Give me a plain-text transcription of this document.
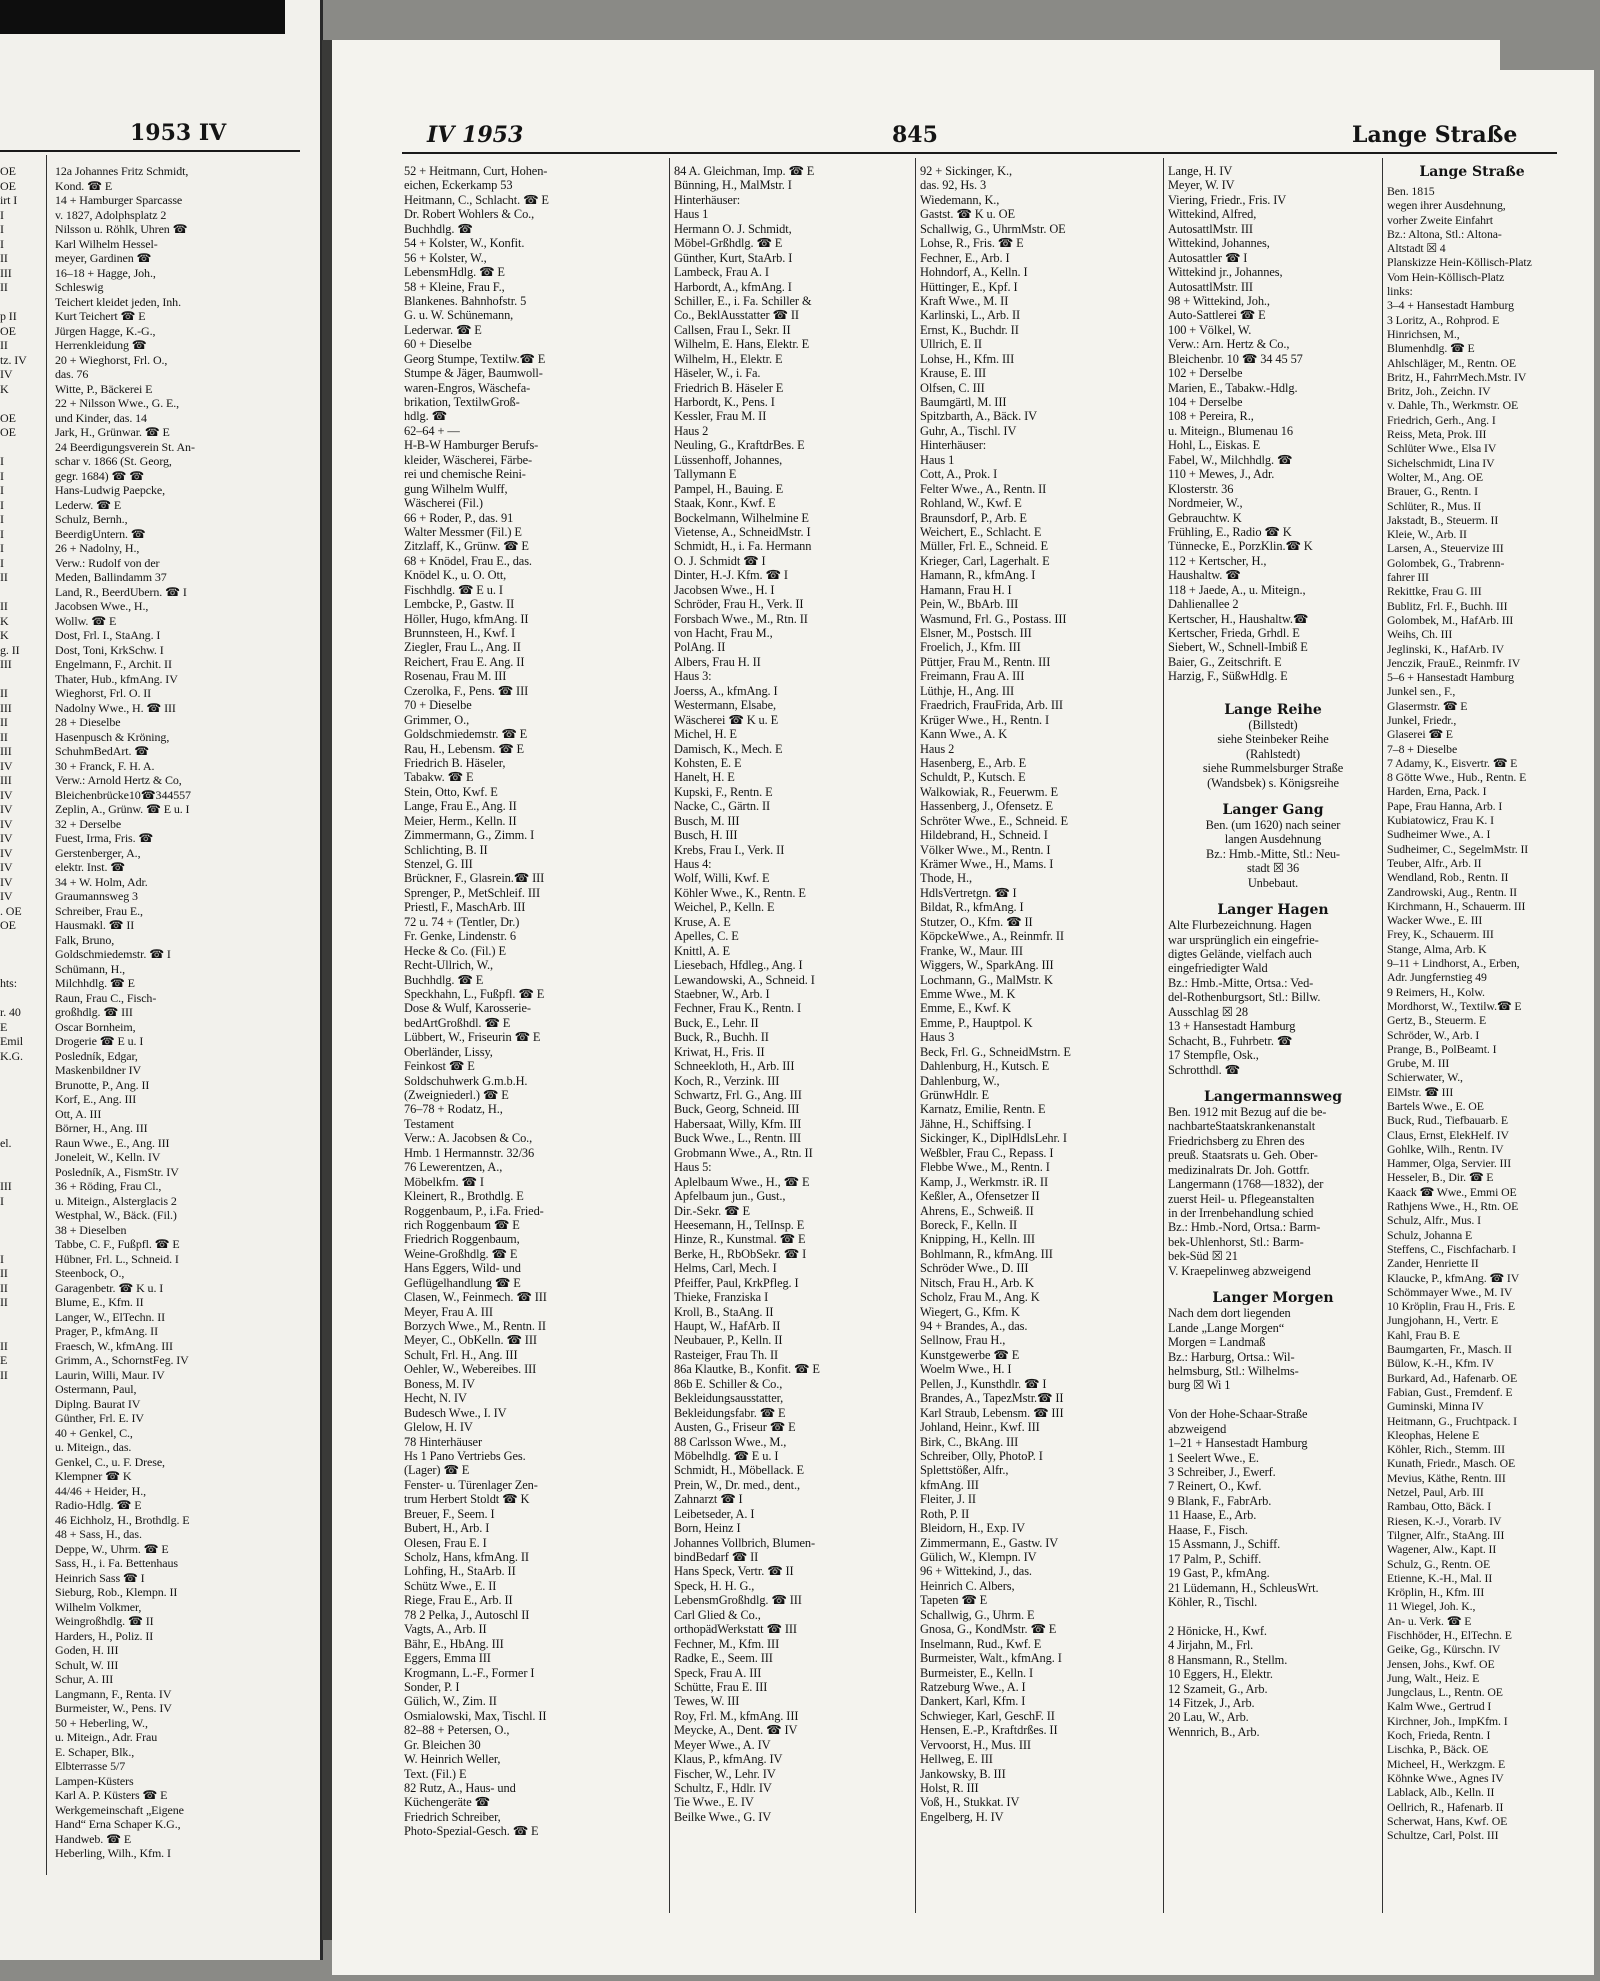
1953 IV
12a Johannes Fritz Schmidt,
Kond. ☎ E
14 + Hamburger Sparcasse
v. 1827, Adolphsplatz 2
Nilsson u. Röhlk, Uhren ☎
Karl Wilhelm Hessel-
meyer, Gardinen ☎
16–18 + Hagge, Joh.,
Schleswig
Teichert kleidet jeden, Inh.
Kurt Teichert ☎ E
Jürgen Hagge, K.-G.,
Herrenkleidung ☎
20 + Wieghorst, Frl. O.,
das. 76
Witte, P., Bäckerei E
22 + Nilsson Wwe., G. E.,
und Kinder, das. 14
Jark, H., Grünwar. ☎ E
24 Beerdigungsverein St. An-
schar v. 1866 (St. Georg,
gegr. 1684) ☎ ☎
Hans-Ludwig Paepcke,
Lederw. ☎ E
Schulz, Bernh.,
BeerdigUntern. ☎
26 + Nadolny, H.,
Verw.: Rudolf von der
Meden, Ballindamm 37
Land, R., BeerdUbern. ☎ I
Jacobsen Wwe., H.,
Wollw. ☎ E
Dost, Frl. I., StaAng. I
Dost, Toni, KrkSchw. I
Engelmann, F., Archit. II
Thater, Hub., kfmAng. IV
Wieghorst, Frl. O. II
Nadolny Wwe., H. ☎ III
28 + Dieselbe
Hasenpusch & Kröning,
SchuhmBedArt. ☎
30 + Franck, F. H. A.
Verw.: Arnold Hertz & Co,
Bleichenbrücke10☎344557
Zeplin, A., Grünw. ☎ E u. I
32 + Derselbe
Fuest, Irma, Fris. ☎
Gerstenberger, A.,
elektr. Inst. ☎
34 + W. Holm, Adr.
Graumannsweg 3
Schreiber, Frau E.,
Hausmakl. ☎ II
Falk, Bruno,
Goldschmiedemstr. ☎ I
Schümann, H.,
Milchhdlg. ☎ E
Raun, Frau C., Fisch-
großhdlg. ☎ III
Oscar Bornheim,
Drogerie ☎ E u. I
Posledník, Edgar,
Maskenbildner IV
Brunotte, P., Ang. II
Korf, E., Ang. III
Ott, A. III
Börner, H., Ang. III
Raun Wwe., E., Ang. III
Joneleit, W., Kelln. IV
Posledník, A., FismStr. IV
36 + Röding, Frau Cl.,
u. Miteign., Alsterglacis 2
Westphal, W., Bäck. (Fil.)
38 + Dieselben
Tabbe, C. F., Fußpfl. ☎ E
Hübner, Frl. L., Schneid. I
Steenbock, O.,
Garagenbetr. ☎ K u. I
Blume, E., Kfm. II
Langer, W., ElTechn. II
Prager, P., kfmAng. II
Fraesch, W., kfmAng. III
Grimm, A., SchornstFeg. IV
Laurin, Willi, Maur. IV
Ostermann, Paul,
Diplng. Baurat IV
Günther, Frl. E. IV
40 + Genkel, C.,
u. Miteign., das.
Genkel, C., u. F. Drese,
Klempner ☎ K
44/46 + Heider, H.,
Radio-Hdlg. ☎ E
46 Eichholz, H., Brothdlg. E
48 + Sass, H., das.
Deppe, W., Uhrm. ☎ E
Sass, H., i. Fa. Bettenhaus
Heinrich Sass ☎ I
Sieburg, Rob., Klempn. II
Wilhelm Volkmer,
Weingroßhdlg. ☎ II
Harders, H., Poliz. II
Goden, H. III
Schult, W. III
Schur, A. III
Langmann, F., Renta. IV
Burmeister, W., Pens. IV
50 + Heberling, W.,
u. Miteign., Adr. Frau
E. Schaper, Blk.,
Elbterrasse 5/7
Lampen-Küsters
Karl A. P. Küsters ☎ E
Werkgemeinschaft „Eigene
Hand“ Erna Schaper K.G.,
Handweb. ☎ E
Heberling, Wilh., Kfm. I
OE
OE
irt I
I
I
I
II
III
II
p II
OE
II
tz. IV
IV
K
OE
OE
I
I
I
I
I
I
I
I
II
II
K
K
g. II
III
II
III
II
II
III
IV
III
IV
IV
IV
IV
IV
IV
IV
IV
. OE
OE
hts:
r. 40
E
Emil
K.G.
el.
III
I
I
II
II
II
II
E
II
IV 1953	845	Lange Straße
52 + Heitmann, Curt, Hohen-
eichen, Eckerkamp 53
Heitmann, C., Schlacht. ☎ E
Dr. Robert Wohlers & Co.,
Buchhdlg. ☎
54 + Kolster, W., Konfit.
56 + Kolster, W.,
LebensmHdlg. ☎ E
58 + Kleine, Frau F.,
Blankenes. Bahnhofstr. 5
G. u. W. Schünemann,
Lederwar. ☎ E
60 + Dieselbe
Georg Stumpe, Textilw.☎ E
Stumpe & Jäger, Baumwoll-
waren-Engros, Wäschefa-
brikation, TextilwGroß-
hdlg. ☎
62–64 + —
H-B-W Hamburger Berufs-
kleider, Wäscherei, Färbe-
rei und chemische Reini-
gung Wilhelm Wulff,
Wäscherei (Fil.)
66 + Roder, P., das. 91
Walter Messmer (Fil.) E
Zitzlaff, K., Grünw. ☎ E
68 + Knödel, Frau E., das.
Knödel K., u. O. Ott,
Fischhdlg. ☎ E u. I
Lembcke, P., Gastw. II
Höller, Hugo, kfmAng. II
Brunnsteen, H., Kwf. I
Ziegler, Frau L., Ang. II
Reichert, Frau E. Ang. II
Rosenau, Frau M. III
Czerolka, F., Pens. ☎ III
70 + Dieselbe
Grimmer, O.,
Goldschmiedemstr. ☎ E
Rau, H., Lebensm. ☎ E
Friedrich B. Häseler,
Tabakw. ☎ E
Stein, Otto, Kwf. E
Lange, Frau E., Ang. II
Meier, Herm., Kelln. II
Zimmermann, G., Zimm. I
Schlichting, B. II
Stenzel, G. III
Brückner, F., Glasrein.☎ III
Sprenger, P., MetSchleif. III
Priestl, F., MaschArb. III
72 u. 74 + (Tentler, Dr.)
Fr. Genke, Lindenstr. 6
Hecke & Co. (Fil.) E
Recht-Ullrich, W.,
Buchhdlg. ☎ E
Speckhahn, L., Fußpfl. ☎ E
Dose & Wulf, Karosserie-
bedArtGroßhdl. ☎ E
Lübbert, W., Friseurin ☎ E
Oberländer, Lissy,
Feinkost ☎ E
Soldschuhwerk G.m.b.H.
(Zweigniederl.) ☎ E
76–78 + Rodatz, H.,
Testament
Verw.: A. Jacobsen & Co.,
Hmb. 1 Hermannstr. 32/36
76 Lewerentzen, A.,
Möbelkfm. ☎ I
Kleinert, R., Brothdlg. E
Roggenbaum, P., i.Fa. Fried-
rich Roggenbaum ☎ E
Friedrich Roggenbaum,
Weine-Großhdlg. ☎ E
Hans Eggers, Wild- und
Geflügelhandlung ☎ E
Clasen, W., Feinmech. ☎ III
Meyer, Frau A. III
Borzych Wwe., M., Rentn. II
Meyer, C., ObKelln. ☎ III
Schult, Frl. H., Ang. III
Oehler, W., Webereibes. III
Boness, M. IV
Hecht, N. IV
Budesch Wwe., I. IV
Glelow, H. IV
78 Hinterhäuser
Hs 1 Pano Vertriebs Ges.
(Lager) ☎ E
Fenster- u. Türenlager Zen-
trum Herbert Stoldt ☎ K
Breuer, F., Seem. I
Bubert, H., Arb. I
Olesen, Frau E. I
Scholz, Hans, kfmAng. II
Lohfing, H., StaArb. II
Schütz Wwe., E. II
Riege, Frau E., Arb. II
78 2 Pelka, J., Autoschl II
Vagts, A., Arb. II
Bähr, E., HbAng. III
Eggers, Emma III
Krogmann, L.-F., Former I
Sonder, P. I
Gülich, W., Zim. II
Osmialowski, Max, Tischl. II
82–88 + Petersen, O.,
Gr. Bleichen 30
W. Heinrich Weller,
Text. (Fil.) E
82 Rutz, A., Haus- und
Küchengeräte ☎
Friedrich Schreiber,
Photo-Spezial-Gesch. ☎ E
84 A. Gleichman, Imp. ☎ E
Bünning, H., MalMstr. I
Hinterhäuser:
Haus 1
Hermann O. J. Schmidt,
Möbel-Grßhdlg. ☎ E
Günther, Kurt, StaArb. I
Lambeck, Frau A. I
Harbordt, A., kfmAng. I
Schiller, E., i. Fa. Schiller &
Co., BeklAusstatter ☎ II
Callsen, Frau I., Sekr. II
Wilhelm, E. Hans, Elektr. E
Wilhelm, H., Elektr. E
Häseler, W., i. Fa.
Friedrich B. Häseler E
Harbordt, K., Pens. I
Kessler, Frau M. II
Haus 2
Neuling, G., KraftdrBes. E
Lüssenhoff, Johannes,
Tallymann E
Pampel, H., Bauing. E
Staak, Konr., Kwf. E
Bockelmann, Wilhelmine E
Vietense, A., SchneidMstr. I
Schmidt, H., i. Fa. Hermann
O. J. Schmidt ☎ I
Dinter, H.-J. Kfm. ☎ I
Jacobsen Wwe., H. I
Schröder, Frau H., Verk. II
Forsbach Wwe., M., Rtn. II
von Hacht, Frau M.,
PolAng. II
Albers, Frau H. II
Haus 3:
Joerss, A., kfmAng. I
Westermann, Elsabe,
Wäscherei ☎ K u. E
Michel, H. E
Damisch, K., Mech. E
Kohsten, E. E
Hanelt, H. E
Kupski, F., Rentn. E
Nacke, C., Gärtn. II
Busch, M. III
Busch, H. III
Krebs, Frau I., Verk. II
Haus 4:
Wolf, Willi, Kwf. E
Köhler Wwe., K., Rentn. E
Weichel, P., Kelln. E
Kruse, A. E
Apelles, C. E
Knittl, A. E
Liesebach, Hfdleg., Ang. I
Lewandowski, A., Schneid. I
Staebner, W., Arb. I
Fechner, Frau K., Rentn. I
Buck, E., Lehr. II
Buck, R., Buchh. II
Kriwat, H., Fris. II
Schneekloth, H., Arb. III
Koch, R., Verzink. III
Schwartz, Frl. G., Ang. III
Buck, Georg, Schneid. III
Habersaat, Willy, Kfm. III
Buck Wwe., L., Rentn. III
Grobmann Wwe., A., Rtn. II
Haus 5:
Aplelbaum Wwe., H., ☎ E
Apfelbaum jun., Gust.,
Dir.-Sekr. ☎ E
Heesemann, H., TelInsp. E
Hinze, R., Kunstmal. ☎ E
Berke, H., RbObSekr. ☎ I
Helms, Carl, Mech. I
Pfeiffer, Paul, KrkPfleg. I
Thieke, Franziska I
Kroll, B., StaAng. II
Haupt, W., HafArb. II
Neubauer, P., Kelln. II
Rasteiger, Frau Th. II
86a Klautke, B., Konfit. ☎ E
86b E. Schiller & Co.,
Bekleidungsausstatter,
Bekleidungsfabr. ☎ E
Austen, G., Friseur ☎ E
88 Carlsson Wwe., M.,
Möbelhdlg. ☎ E u. I
Schmidt, H., Möbellack. E
Prein, W., Dr. med., dent.,
Zahnarzt ☎ I
Leibetseder, A. I
Born, Heinz I
Johannes Vollbrich, Blumen-
bindBedarf ☎ II
Hans Speck, Vertr. ☎ II
Speck, H. H. G.,
LebensmGroßhdlg. ☎ III
Carl Glied & Co.,
orthopädWerkstatt ☎ III
Fechner, M., Kfm. III
Radke, E., Seem. III
Speck, Frau A. III
Schütte, Frau E. III
Tewes, W. III
Roy, Frl. M., kfmAng. III
Meycke, A., Dent. ☎ IV
Meyer Wwe., A. IV
Klaus, P., kfmAng. IV
Fischer, W., Lehr. IV
Schultz, F., Hdlr. IV
Tie Wwe., E. IV
Beilke Wwe., G. IV
92 + Sickinger, K.,
das. 92, Hs. 3
Wiedemann, K.,
Gastst. ☎ K u. OE
Schallwig, G., UhrmMstr. OE
Lohse, R., Fris. ☎ E
Fechner, E., Arb. I
Hohndorf, A., Kelln. I
Hüttinger, E., Kpf. I
Kraft Wwe., M. II
Karlinski, L., Arb. II
Ernst, K., Buchdr. II
Ullrich, E. II
Lohse, H., Kfm. III
Krause, E. III
Olfsen, C. III
Baumgärtl, M. III
Spitzbarth, A., Bäck. IV
Guhr, A., Tischl. IV
Hinterhäuser:
Haus 1
Cott, A., Prok. I
Felter Wwe., A., Rentn. II
Rohland, W., Kwf. E
Braunsdorf, P., Arb. E
Weichert, E., Schlacht. E
Müller, Frl. E., Schneid. E
Krieger, Carl, Lagerhalt. E
Hamann, R., kfmAng. I
Hamann, Frau H. I
Pein, W., BbArb. III
Wasmund, Frl. G., Postass. III
Elsner, M., Postsch. III
Froelich, J., Kfm. III
Püttjer, Frau M., Rentn. III
Freimann, Frau A. III
Lüthje, H., Ang. III
Fraedrich, FrauFrida, Arb. III
Krüger Wwe., H., Rentn. I
Kann Wwe., A. K
Haus 2
Hasenberg, E., Arb. E
Schuldt, P., Kutsch. E
Walkowiak, R., Feuerwm. E
Hassenberg, J., Ofensetz. E
Schröter Wwe., E., Schneid. E
Hildebrand, H., Schneid. I
Völker Wwe., M., Rentn. I
Krämer Wwe., H., Mams. I
Thode, H.,
HdlsVertretgn. ☎ I
Bildat, R., kfmAng. I
Stutzer, O., Kfm. ☎ II
KöpckeWwe., A., Reinmfr. II
Franke, W., Maur. III
Wiggers, W., SparkAng. III
Lochmann, G., MalMstr. K
Emme Wwe., M. K
Emme, E., Kwf. K
Emme, P., Hauptpol. K
Haus 3
Beck, Frl. G., SchneidMstrn. E
Dahlenburg, H., Kutsch. E
Dahlenburg, W.,
GrünwHdlr. E
Karnatz, Emilie, Rentn. E
Jähne, H., Schiffsing. I
Sickinger, K., DiplHdlsLehr. I
Weßbler, Frau C., Repass. I
Flebbe Wwe., M., Rentn. I
Kamp, J., Werkmstr. iR. II
Keßler, A., Ofensetzer II
Ahrens, E., Schweiß. II
Boreck, F., Kelln. II
Knipping, H., Kelln. III
Bohlmann, R., kfmAng. III
Schröder Wwe., D. III
Nitsch, Frau H., Arb. K
Scholz, Frau M., Ang. K
Wiegert, G., Kfm. K
94 + Brandes, A., das.
Sellnow, Frau H.,
Kunstgewerbe ☎ E
Woelm Wwe., H. I
Pellen, J., Kunsthdlr. ☎ I
Brandes, A., TapezMstr.☎ II
Karl Straub, Lebensm. ☎ III
Johland, Heinr., Kwf. III
Birk, C., BkAng. III
Schreiber, Olly, PhotoP. I
Splettstößer, Alfr.,
kfmAng. III
Fleiter, J. II
Roth, P. II
Bleidorn, H., Exp. IV
Zimmermann, E., Gastw. IV
Gülich, W., Klempn. IV
96 + Wittekind, J., das.
Heinrich C. Albers,
Tapeten ☎ E
Schallwig, G., Uhrm. E
Gnosa, G., KondMstr. ☎ E
Inselmann, Rud., Kwf. E
Burmeister, Walt., kfmAng. I
Burmeister, E., Kelln. I
Ratzeburg Wwe., A. I
Dankert, Karl, Kfm. I
Schwieger, Karl, GeschF. II
Hensen, E.-P., Kraftdrßes. II
Vervoorst, H., Mus. III
Hellweg, E. III
Jankowsky, B. III
Holst, R. III
Voß, H., Stukkat. IV
Engelberg, H. IV
Lange, H. IV
Meyer, W. IV
Viering, Friedr., Fris. IV
Wittekind, Alfred,
AutosattlMstr. III
Wittekind, Johannes,
Autosattler ☎ I
Wittekind jr., Johannes,
AutosattlMstr. III
98 + Wittekind, Joh.,
Auto-Sattlerei ☎ E
100 + Völkel, W.
Verw.: Arn. Hertz & Co.,
Bleichenbr. 10 ☎ 34 45 57
102 + Derselbe
Marien, E., Tabakw.-Hdlg.
104 + Derselbe
108 + Pereira, R.,
u. Miteign., Blumenau 16
Hohl, L., Eiskas. E
Fabel, W., Milchhdlg. ☎
110 + Mewes, J., Adr.
Klosterstr. 36
Nordmeier, W.,
Gebrauchtw. K
Frühling, E., Radio ☎ K
Tünnecke, E., PorzKlin.☎ K
112 + Kertscher, H.,
Haushaltw. ☎
118 + Jaede, A., u. Miteign.,
Dahlienallee 2
Kertscher, H., Haushaltw.☎
Kertscher, Frieda, Grhdl. E
Siebert, W., Schnell-Imbiß E
Baier, G., Zeitschrift. E
Harzig, F., SüßwHdlg. E
Lange Reihe
(Billstedt)
siehe Steinbeker Reihe
(Rahlstedt)
siehe Rummelsburger Straße
(Wandsbek) s. Königsreihe
Langer Gang
Ben. (um 1620) nach seiner
langen Ausdehnung
Bz.: Hmb.-Mitte, Stl.: Neu-
stadt ☒ 36
Unbebaut.
Langer Hagen
Alte Flurbezeichnung. Hagen
war ursprünglich ein eingefrie-
digtes Gelände, vielfach auch
eingefriedigter Wald
Bz.: Hmb.-Mitte, Ortsa.: Ved-
del-Rothenburgsort, Stl.: Billw.
Ausschlag ☒ 28
13 + Hansestadt Hamburg
Schacht, B., Fuhrbetr. ☎
17 Stempfle, Osk.,
Schrotthdl. ☎
Langermannsweg
Ben. 1912 mit Bezug auf die be-
nachbarteStaatskrankenanstalt
Friedrichsberg zu Ehren des
preuß. Staatsrats u. Geh. Ober-
medizinalrats Dr. Joh. Gottfr.
Langermann (1768—1832), der
zuerst Heil- u. Pflegeanstalten
in der Irrenbehandlung schied
Bz.: Hmb.-Nord, Ortsa.: Barm-
bek-Uhlenhorst, Stl.: Barm-
bek-Süd ☒ 21
V. Kraepelinweg abzweigend
Langer Morgen
Nach dem dort liegenden
Lande „Lange Morgen“
Morgen = Landmaß
Bz.: Harburg, Ortsa.: Wil-
helmsburg, Stl.: Wilhelms-
burg ☒ Wi 1
Von der Hohe-Schaar-Straße
abzweigend
1–21 + Hansestadt Hamburg
1 Seelert Wwe., E.
3 Schreiber, J., Ewerf.
7 Reinert, O., Kwf.
9 Blank, F., FabrArb.
11 Haase, E., Arb.
Haase, F., Fisch.
15 Assmann, J., Schiff.
17 Palm, P., Schiff.
19 Gast, P., kfmAng.
21 Lüdemann, H., SchleusWrt.
Köhler, R., Tischl.
2 Hönicke, H., Kwf.
4 Jirjahn, M., Frl.
8 Hansmann, R., Stellm.
10 Eggers, H., Elektr.
12 Szameit, G., Arb.
14 Fitzek, J., Arb.
20 Lau, W., Arb.
Wennrich, B., Arb.
Lange Straße
Ben. 1815
wegen ihrer Ausdehnung,
vorher Zweite Einfahrt
Bz.: Altona, Stl.: Altona-
Altstadt ☒ 4
Planskizze Hein-Köllisch-Platz
Vom Hein-Köllisch-Platz
links:
3–4 + Hansestadt Hamburg
3 Loritz, A., Rohprod. E
Hinrichsen, M.,
Blumenhdlg. ☎ E
Ahlschläger, M., Rentn. OE
Britz, H., FahrrMech.Mstr. IV
Britz, Joh., Zeichn. IV
v. Dahle, Th., Werkmstr. OE
Friedrich, Gerh., Ang. I
Reiss, Meta, Prok. III
Schlüter Wwe., Elsa IV
Sichelschmidt, Lina IV
Wolter, M., Ang. OE
Brauer, G., Rentn. I
Schlüter, R., Mus. II
Jakstadt, B., Steuerm. II
Kleie, W., Arb. II
Larsen, A., Steuervize III
Golombek, G., Trabrenn-
fahrer III
Rekittke, Frau G. III
Bublitz, Frl. F., Buchh. III
Golombek, M., HafArb. III
Weihs, Ch. III
Jeglinski, K., HafArb. IV
Jenczik, FrauE., Reinmfr. IV
5–6 + Hansestadt Hamburg
Junkel sen., F.,
Glasermstr. ☎ E
Junkel, Friedr.,
Glaserei ☎ E
7–8 + Dieselbe
7 Adamy, K., Eisvertr. ☎ E
8 Götte Wwe., Hub., Rentn. E
Harden, Erna, Pack. I
Pape, Frau Hanna, Arb. I
Kubiatowicz, Frau K. I
Sudheimer Wwe., A. I
Sudheimer, C., SegelmMstr. II
Teuber, Alfr., Arb. II
Wendland, Rob., Rentn. II
Zandrowski, Aug., Rentn. II
Kirchmann, H., Schauerm. III
Wacker Wwe., E. III
Frey, K., Schauerm. III
Stange, Alma, Arb. K
9–11 + Lindhorst, A., Erben,
Adr. Jungfernstieg 49
9 Reimers, H., Kolw.
Mordhorst, W., Textilw.☎ E
Gertz, B., Steuerm. E
Schröder, W., Arb. I
Prange, B., PolBeamt. I
Grube, M. III
Schierwater, W.,
ElMstr. ☎ III
Bartels Wwe., E. OE
Buck, Rud., Tiefbauarb. E
Claus, Ernst, ElekHelf. IV
Gohlke, Wilh., Rentn. IV
Hammer, Olga, Servier. III
Hesseler, B., Dir. ☎ E
Kaack ☎ Wwe., Emmi OE
Rathjens Wwe., H., Rtn. OE
Schulz, Alfr., Mus. I
Schulz, Johanna E
Steffens, C., Fischfacharb. I
Zander, Henriette II
Klaucke, P., kfmAng. ☎ IV
Schömmayer Wwe., M. IV
10 Kröplin, Frau H., Fris. E
Jungjohann, H., Vertr. E
Kahl, Frau B. E
Baumgarten, Fr., Masch. II
Bülow, K.-H., Kfm. IV
Burkard, Ad., Hafenarb. OE
Fabian, Gust., Fremdenf. E
Guminski, Minna IV
Heitmann, G., Fruchtpack. I
Kleophas, Helene E
Köhler, Rich., Stemm. III
Kunath, Friedr., Masch. OE
Mevius, Käthe, Rentn. III
Netzel, Paul, Arb. III
Rambau, Otto, Bäck. I
Riesen, K.-J., Vorarb. IV
Tilgner, Alfr., StaAng. III
Wagener, Alw., Kapt. II
Schulz, G., Rentn. OE
Etienne, K.-H., Mal. II
Kröplin, H., Kfm. III
11 Wiegel, Joh. K.,
An- u. Verk. ☎ E
Fischhöder, H., ElTechn. E
Geike, Gg., Kürschn. IV
Jensen, Johs., Kwf. OE
Jung, Walt., Heiz. E
Jungclaus, L., Rentn. OE
Kalm Wwe., Gertrud I
Kirchner, Joh., ImpKfm. I
Koch, Frieda, Rentn. I
Lischka, P., Bäck. OE
Micheel, H., Werkzgm. E
Köhnke Wwe., Agnes IV
Lablack, Alb., Kelln. II
Oellrich, R., Hafenarb. II
Scherwat, Hans, Kwf. OE
Schultze, Carl, Polst. III
